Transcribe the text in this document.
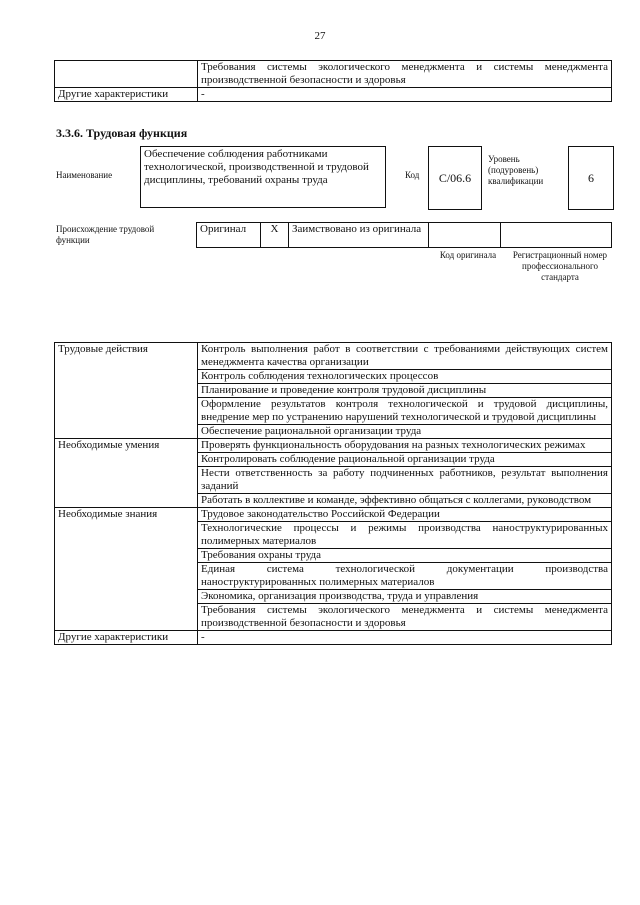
27
	Требования системы экологического менеджмента и системы менеджмента производственной безопасности и здоровья
Другие характеристики	-
3.3.6. Трудовая функция
Наименование
Обеспечение соблюдения работниками технологической, производственной и трудовой дисциплины, требований охраны труда	Код	C/06.6
Уровень (подуровень) квалификации	6
Происхождение трудовой функции
Оригинал	X	Заимствовано из оригинала		
Код оригинала	Регистрационный номер профессионального стандарта
Трудовые действия	Контроль выполнения работ в соответствии с требованиями действующих систем менеджмента качества организации
	Контроль соблюдения технологических процессов
	Планирование и проведение контроля трудовой дисциплины
	Оформление результатов контроля технологической и трудовой дисциплины, внедрение мер по устранению нарушений технологической и трудовой дисциплины
	Обеспечение рациональной организации труда
Необходимые умения	Проверять функциональность оборудования на разных технологических режимах
	Контролировать соблюдение рациональной организации труда
	Нести ответственность за работу подчиненных работников, результат выполнения заданий
	Работать в коллективе и команде, эффективно общаться с коллегами, руководством
Необходимые знания	Трудовое законодательство Российской Федерации
	Технологические процессы и режимы производства наноструктурированных полимерных материалов
	Требования охраны труда
	Единая система технологической документации производства наноструктурированных полимерных материалов
	Экономика, организация производства, труда и управления
	Требования системы экологического менеджмента и системы менеджмента производственной безопасности и здоровья
Другие характеристики	-
